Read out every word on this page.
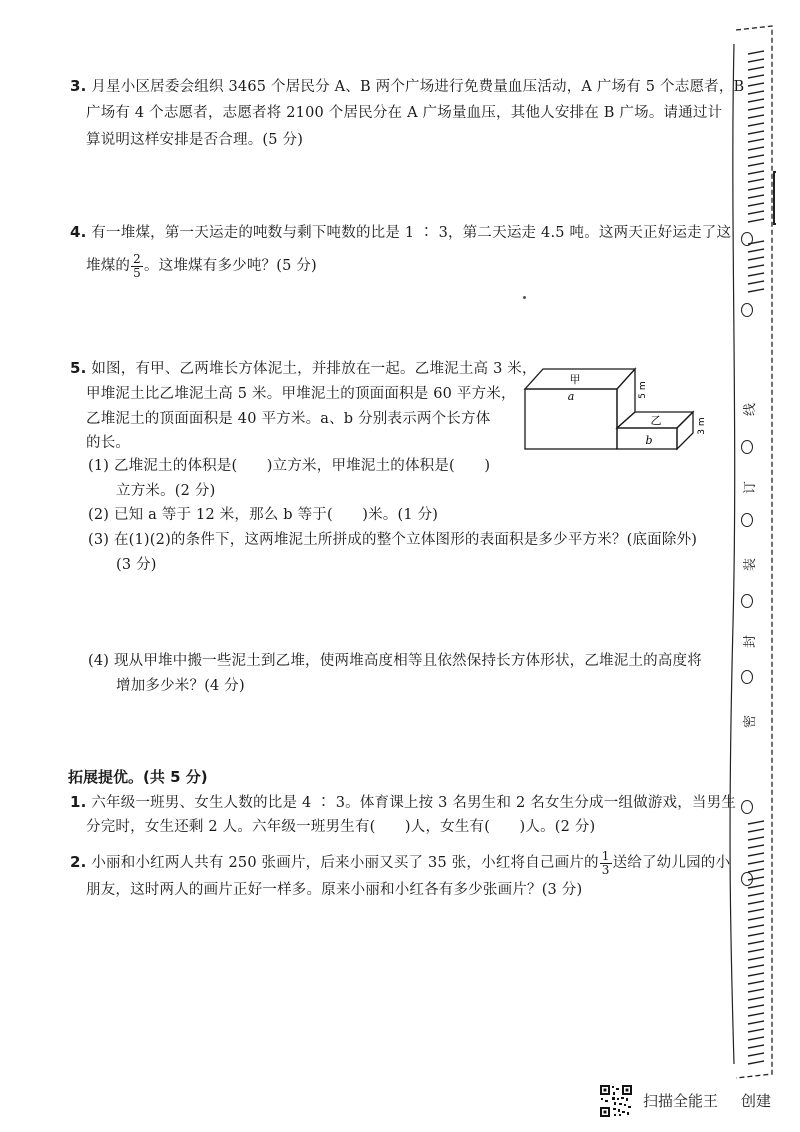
3. 月星小区居委会组织 3465 个居民分 A、B 两个广场进行免费量血压活动，A 广场有 5 个志愿者，B
广场有 4 个志愿者，志愿者将 2100 个居民分在 A 广场量血压，其他人安排在 B 广场。请通过计
算说明这样安排是否合理。(5 分)
4. 有一堆煤，第一天运走的吨数与剩下吨数的比是 1 ∶ 3，第二天运走 4.5 吨。这两天正好运走了这
堆煤的 $\frac{2}{5}$ 。这堆煤有多少吨？(5 分)
5. 如图，有甲、乙两堆长方体泥土，并排放在一起。乙堆泥土高 3 米，
甲堆泥土比乙堆泥土高 5 米。甲堆泥土的顶面面积是 60 平方米，
乙堆泥土的顶面面积是 40 平方米。a、b 分别表示两个长方体
的长。
(1) 乙堆泥土的体积是(　　)立方米，甲堆泥土的体积是(　　)
立方米。(2 分)
(2) 已知 a 等于 12 米，那么 b 等于(　　)米。(1 分)
(3) 在(1)(2)的条件下，这两堆泥土所拼成的整个立体图形的表面积是多少平方米？(底面除外)
(3 分)
(4) 现从甲堆中搬一些泥土到乙堆，使两堆高度相等且依然保持长方体形状，乙堆泥土的高度将
增加多少米？(4 分)
甲
a	5 m
乙
b
3 m
拓展提优。(共 5 分)
1. 六年级一班男、女生人数的比是 4 ∶ 3。体育课上按 3 名男生和 2 名女生分成一组做游戏，当男生
分完时，女生还剩 2 人。六年级一班男生有(　　)人，女生有(　　)人。(2 分)
2. 小丽和小红两人共有 250 张画片，后来小丽又买了 35 张，小红将自己画片的 $\frac{1}{3}$ 送给了幼儿园的小
朋友，这时两人的画片正好一样多。原来小丽和小红各有多少张画片？(3 分)
线
订
装
封
密
扫描全能王 创建
